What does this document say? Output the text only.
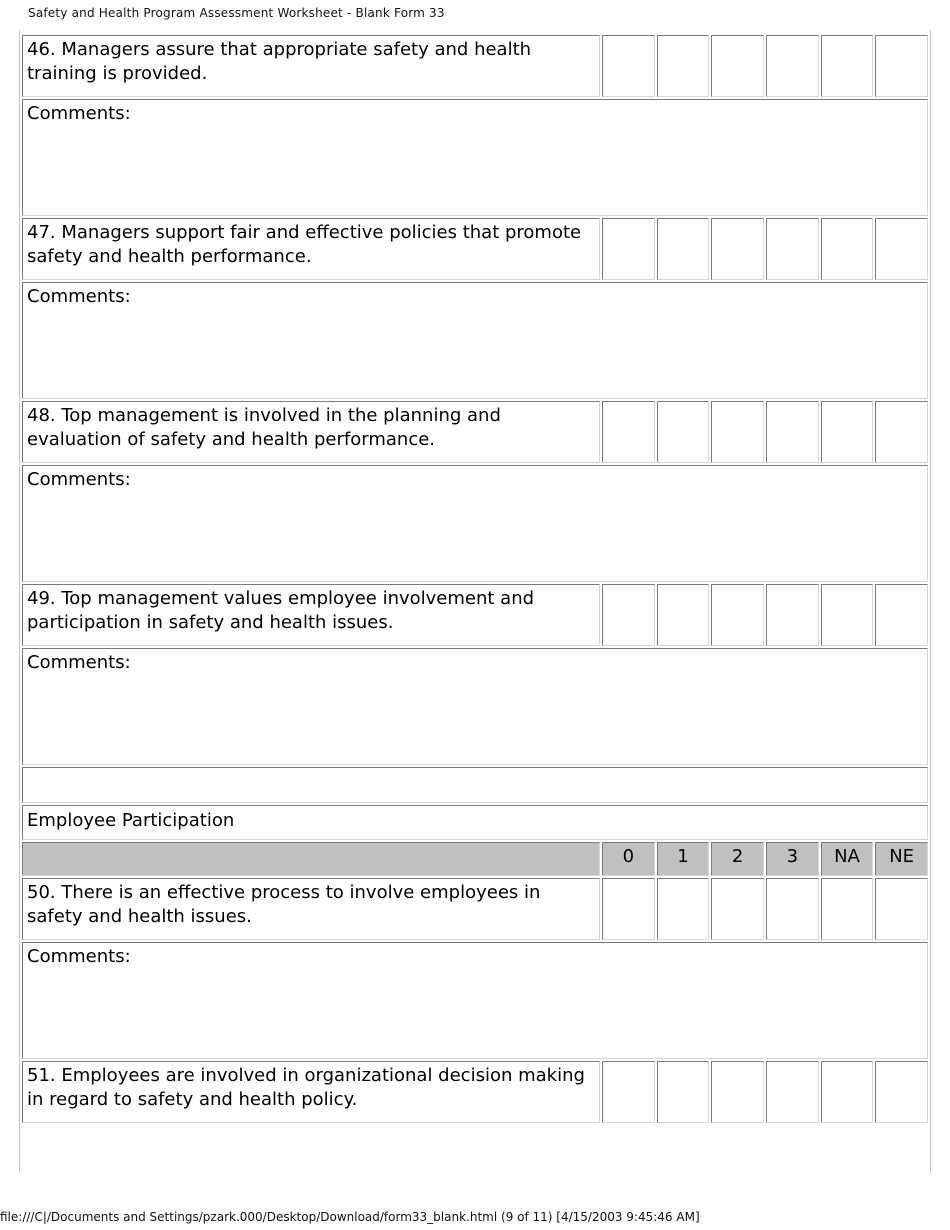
Safety and Health Program Assessment Worksheet - Blank Form 33
46. Managers assure that appropriate safety and health training is provided.						
Comments:						
47. Managers support fair and effective policies that promote safety and health performance.						
Comments:						
48. Top management is involved in the planning and evaluation of safety and health performance.						
Comments:						
49. Top management values employee involvement and participation in safety and health issues.						
Comments:						

Employee Participation						
	0	1	2	3	NA	NE
50. There is an effective process to involve employees in safety and health issues.						
Comments:						
51. Employees are involved in organizational decision making in regard to safety and health policy.						
file:///C|/Documents and Settings/pzark.000/Desktop/Download/form33_blank.html (9 of 11) [4/15/2003 9:45:46 AM]
